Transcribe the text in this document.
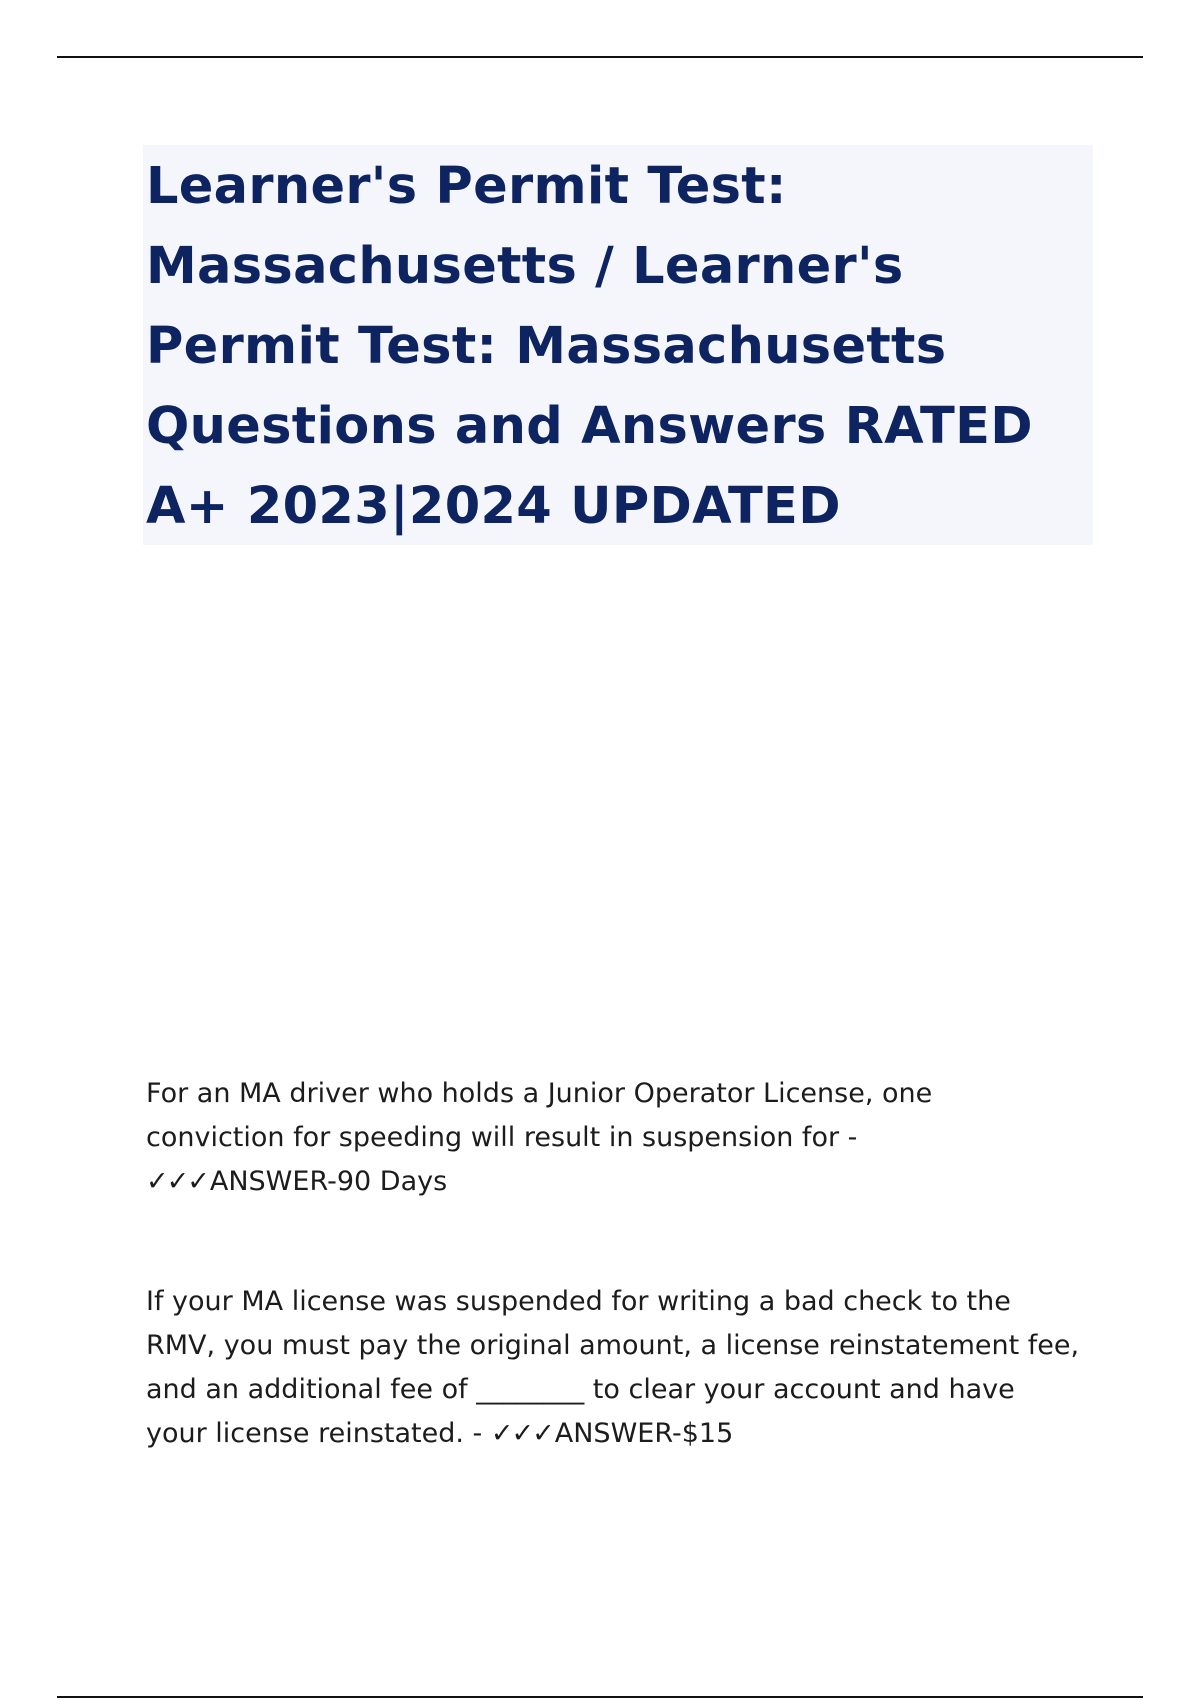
Learner's Permit Test:
Massachusetts / Learner's
Permit Test: Massachusetts
Questions and Answers RATED
A+ 2023|2024 UPDATED

For an MA driver who holds a Junior Operator License, one
conviction for speeding will result in suspension for -
✓✓✓ANSWER-90 Days

If your MA license was suspended for writing a bad check to the
RMV, you must pay the original amount, a license reinstatement fee,
and an additional fee of ________ to clear your account and have
your license reinstated. - ✓✓✓ANSWER-$15
